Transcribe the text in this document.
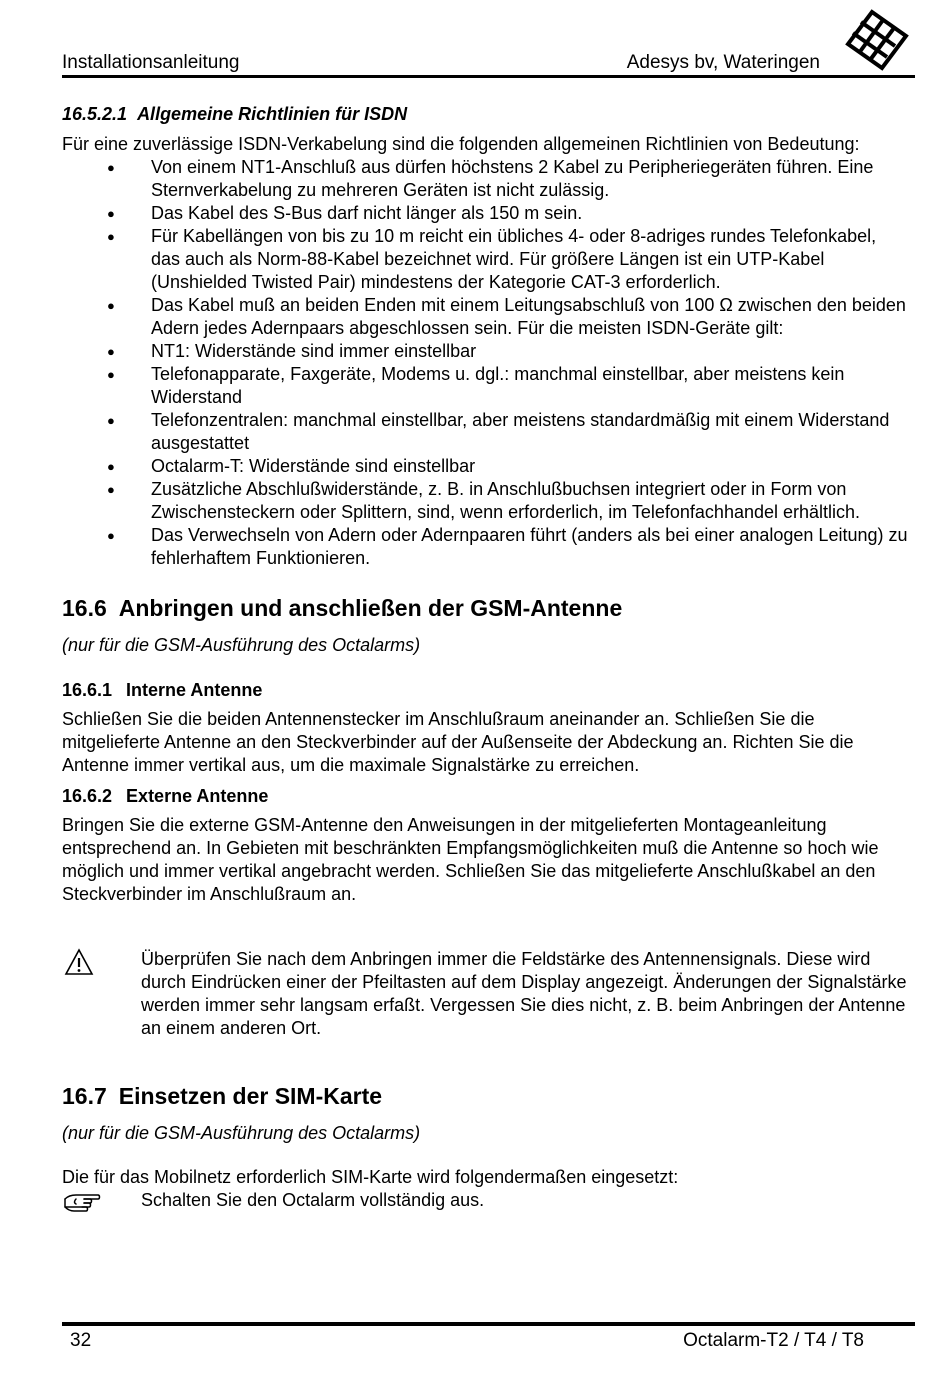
Installationsanleitung	Adesys bv, Wateringen
16.5.2.1 Allgemeine Richtlinien für ISDN

Für eine zuverlässige ISDN-Verkabelung sind die folgenden allgemeinen Richtlinien von Bedeutung:

● Von einem NT1-Anschluß aus dürfen höchstens 2 Kabel zu Peripheriegeräten führen. Eine Sternverkabelung zu mehreren Geräten ist nicht zulässig.
● Das Kabel des S-Bus darf nicht länger als 150 m sein.
● Für Kabellängen von bis zu 10 m reicht ein übliches 4- oder 8-adriges rundes Telefonkabel, das auch als Norm-88-Kabel bezeichnet wird. Für größere Längen ist ein UTP-Kabel (Unshielded Twisted Pair) mindestens der Kategorie CAT-3 erforderlich.
● Das Kabel muß an beiden Enden mit einem Leitungsabschluß von 100 Ω zwischen den beiden Adern jedes Adernpaars abgeschlossen sein. Für die meisten ISDN-Geräte gilt:
● NT1: Widerstände sind immer einstellbar
● Telefonapparate, Faxgeräte, Modems u. dgl.: manchmal einstellbar, aber meistens kein Widerstand
● Telefonzentralen: manchmal einstellbar, aber meistens standardmäßig mit einem Widerstand ausgestattet
● Octalarm-T: Widerstände sind einstellbar
● Zusätzliche Abschlußwiderstände, z. B. in Anschlußbuchsen integriert oder in Form von Zwischensteckern oder Splittern, sind, wenn erforderlich, im Telefonfachhandel erhältlich.
● Das Verwechseln von Adern oder Adernpaaren führt (anders als bei einer analogen Leitung) zu fehlerhaftem Funktionieren.
16.6 Anbringen und anschließen der GSM-Antenne

(nur für die GSM-Ausführung des Octalarms)

16.6.1 Interne Antenne

Schließen Sie die beiden Antennenstecker im Anschlußraum aneinander an. Schließen Sie die mitgelieferte Antenne an den Steckverbinder auf der Außenseite der Abdeckung an. Richten Sie die Antenne immer vertikal aus, um die maximale Signalstärke zu erreichen.

16.6.2 Externe Antenne

Bringen Sie die externe GSM-Antenne den Anweisungen in der mitgelieferten Montageanleitung entsprechend an. In Gebieten mit beschränkten Empfangsmöglichkeiten muß die Antenne so hoch wie möglich und immer vertikal angebracht werden. Schließen Sie das mitgelieferte Anschlußkabel an den Steckverbinder im Anschlußraum an.

Überprüfen Sie nach dem Anbringen immer die Feldstärke des Antennensignals. Diese wird durch Eindrücken einer der Pfeiltasten auf dem Display angezeigt. Änderungen der Signalstärke werden immer sehr langsam erfaßt. Vergessen Sie dies nicht, z. B. beim Anbringen der Antenne an einem anderen Ort.

16.7 Einsetzen der SIM-Karte

(nur für die GSM-Ausführung des Octalarms)

Die für das Mobilnetz erforderlich SIM-Karte wird folgendermaßen eingesetzt:

Schalten Sie den Octalarm vollständig aus.

32	Octalarm-T2 / T4 / T8
